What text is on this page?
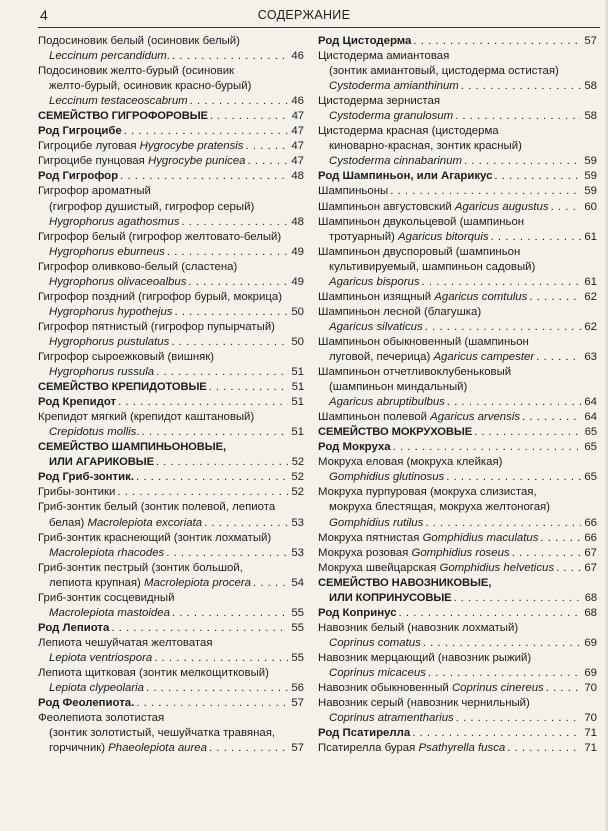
4	СОДЕРЖАНИЕ
Подосиновик белый (осиновик белый)
Leccinum percandidum. . . .	46
Подосиновик желто-бурый (осиновик
желто-бурый, осиновик красно-бурый)
Leccinum testaceoscabrum . . .	46
СЕМЕЙСТВО ГИГРОФОРОВЫЕ . . .	47
Род Гигроцибе . . .	47
Гигроцибе луговая Hygrocybe pratensis . . .	47
Гигроцибе пунцовая Hygrocybe punicea . . .	47
Род Гигрофор . . .	48
Гигрофор ароматный
(гигрофор душистый, гигрофор серый)
Hygrophorus agathosmus . . .	48
Гигрофор белый (гигрофор желтовато-белый)
Hygrophorus eburneus . . .	49
Гигрофор оливково-белый (сластена)
Hygrophorus olivaceoalbus . . .	49
Гигрофор поздний (гигрофор бурый, мокрица)
Hygrophorus hypothejus . . .	50
Гигрофор пятнистый (гигрофор пупырчатый)
Hygrophorus pustulatus . . .	50
Гигрофор сыроежковый (вишняк)
Hygrophorus russula . . .	51
СЕМЕЙСТВО КРЕПИДОТОВЫЕ . . .	51
Род Крепидот . . .	51
Крепидот мягкий (крепидот каштановый)
Crepidotus mollis. . . .	51
СЕМЕЙСТВО ШАМПИНЬОНОВЫЕ,
ИЛИ АГАРИКОВЫЕ . . .	52
Род Гриб-зонтик. . . .	52
Грибы-зонтики . . .	52
Гриб-зонтик белый (зонтик полевой, лепиота
белая) Macrolepiota excoriata . . .	53
Гриб-зонтик краснеющий (зонтик лохматый)
Macrolepiota rhacodes . . .	53
Гриб-зонтик пестрый (зонтик большой,
лепиота крупная) Macrolepiota procera . . .	54
Гриб-зонтик сосцевидный
Macrolepiota mastoidea . . .	55
Род Лепиота . . .	55
Лепиота чешуйчатая желтоватая
Lepiota ventriospora . . .	55
Лепиота щитковая (зонтик мелкощитковый)
Lepiota clypeolaria . . .	56
Род Феолепиота. . . .	57
Феолепиота золотистая
(зонтик золотистый, чешуйчатка травяная,
горчичник) Phaeolepiota aurea . . .	57
Род Цистодерма . . .	57
Цистодерма амиантовая
(зонтик амиантовый, цистодерма остистая)
Cystoderma amianthinum . . .	58
Цистодерма зернистая
Cystoderma granulosum . . .	58
Цистодерма красная (цистодерма
киноварно-красная, зонтик красный)
Cystoderma cinnabarinum . . .	59
Род Шампиньон, или Агарикус . . .	59
Шампиньоны . . .	59
Шампиньон августовский Agaricus augustus . . .	60
Шампиньон двукольцевой (шампиньон
тротуарный) Agaricus bitorquis . . .	61
Шампиньон двуспоровый (шампиньон
культивируемый, шампиньон садовый)
Agaricus bisporus . . .	61
Шампиньон изящный Agaricus comtulus . . .	62
Шампиньон лесной (благушка)
Agaricus silvaticus . . .	62
Шампиньон обыкновенный (шампиньон
луговой, печерица) Agaricus campester . . .	63
Шампиньон отчетливоклубеньковый
(шампиньон миндальный)
Agaricus abruptibulbus . . .	64
Шампиньон полевой Agaricus arvensis . . .	64
СЕМЕЙСТВО МОКРУХОВЫЕ . . .	65
Род Мокруха . . .	65
Мокруха еловая (мокруха клейкая)
Gomphidius glutinosus . . .	65
Мокруха пурпуровая (мокруха слизистая,
мокруха блестящая, мокруха желтоногая)
Gomphidius rutilus . . .	66
Мокруха пятнистая Gomphidius maculatus . . .	66
Мокруха розовая Gomphidius roseus . . .	67
Мокруха швейцарская Gomphidius helveticus . . .	67
СЕМЕЙСТВО НАВОЗНИКОВЫЕ,
ИЛИ КОПРИНУСОВЫЕ . . .	68
Род Копринус . . .	68
Навозник белый (навозник лохматый)
Coprinus comatus . . .	69
Навозник мерцающий (навозник рыжий)
Coprinus micaceus . . .	69
Навозник обыкновенный Coprinus cinereus . . .	70
Навозник серый (навозник чернильный)
Coprinus atramentharius . . .	70
Род Псатирелла . . .	71
Псатирелла бурая Psathyrella fusca . . .	71
